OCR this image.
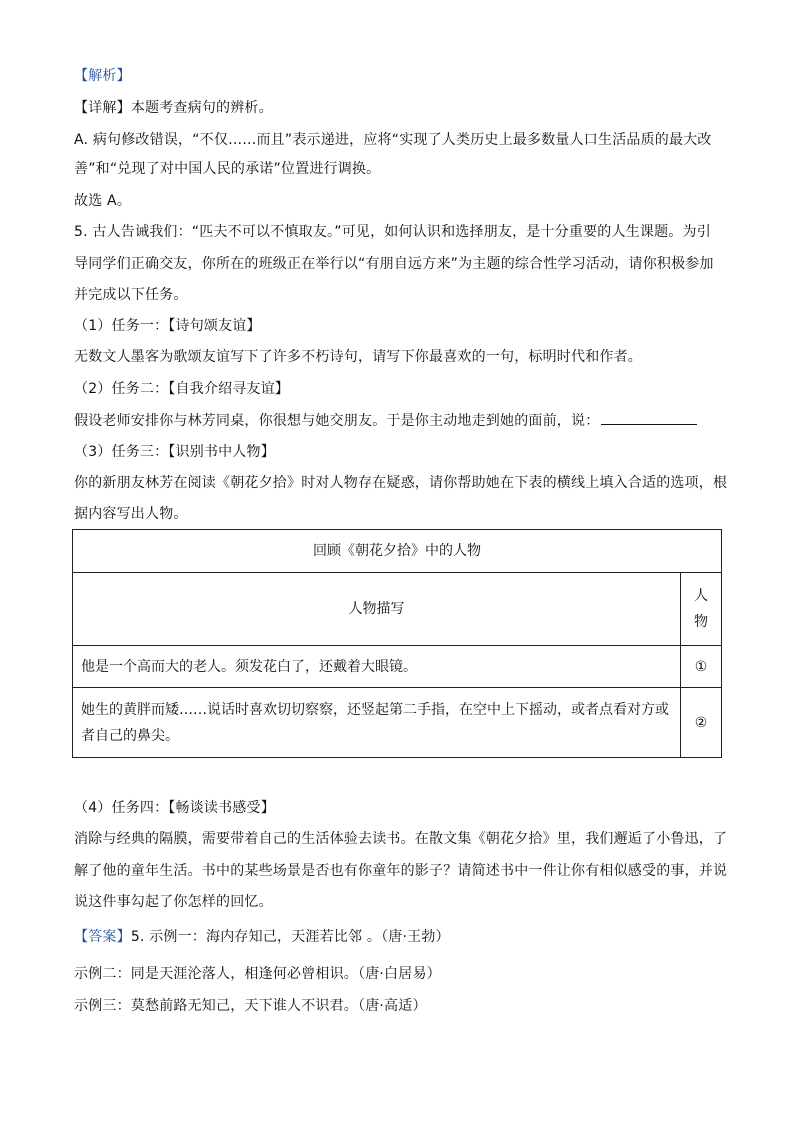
【解析】
【详解】本题考查病句的辨析。
A. 病句修改错误，“不仅……而且”表示递进，应将“实现了人类历史上最多数量人口生活品质的最大改
善”和“兑现了对中国人民的承诺”位置进行调换。
故选 A。
5. 古人告诫我们：“匹夫不可以不慎取友。”可见，如何认识和选择朋友，是十分重要的人生课题。为引
导同学们正确交友，你所在的班级正在举行以“有朋自远方来”为主题的综合性学习活动，请你积极参加
并完成以下任务。
（1）任务一：【诗句颂友谊】
无数文人墨客为歌颂友谊写下了许多不朽诗句，请写下你最喜欢的一句，标明时代和作者。
（2）任务二：【自我介绍寻友谊】
假设老师安排你与林芳同桌，你很想与她交朋友。于是你主动地走到她的面前，说：
（3）任务三：【识别书中人物】
你的新朋友林芳在阅读《朝花夕拾》时对人物存在疑惑，请你帮助她在下表的横线上填入合适的选项，根
据内容写出人物。
回顾《朝花夕拾》中的人物	
人物描写	人
物
他是一个高而大的老人。须发花白了，还戴着大眼镜。	①
她生的黄胖而矮……说话时喜欢切切察察，还竖起第二手指，在空中上下摇动，或者点看对方或
者自己的鼻尖。	②
（4）任务四：【畅谈读书感受】
消除与经典的隔膜，需要带着自己的生活体验去读书。在散文集《朝花夕拾》里，我们邂逅了小鲁迅，了
解了他的童年生活。书中的某些场景是否也有你童年的影子？请简述书中一件让你有相似感受的事，并说
说这件事勾起了你怎样的回忆。
【答案】5. 示例一：海内存知己，天涯若比邻 。（唐·王勃）
示例二：同是天涯沦落人，相逢何必曾相识。（唐·白居易）
示例三：莫愁前路无知己，天下谁人不识君。（唐·高适）
